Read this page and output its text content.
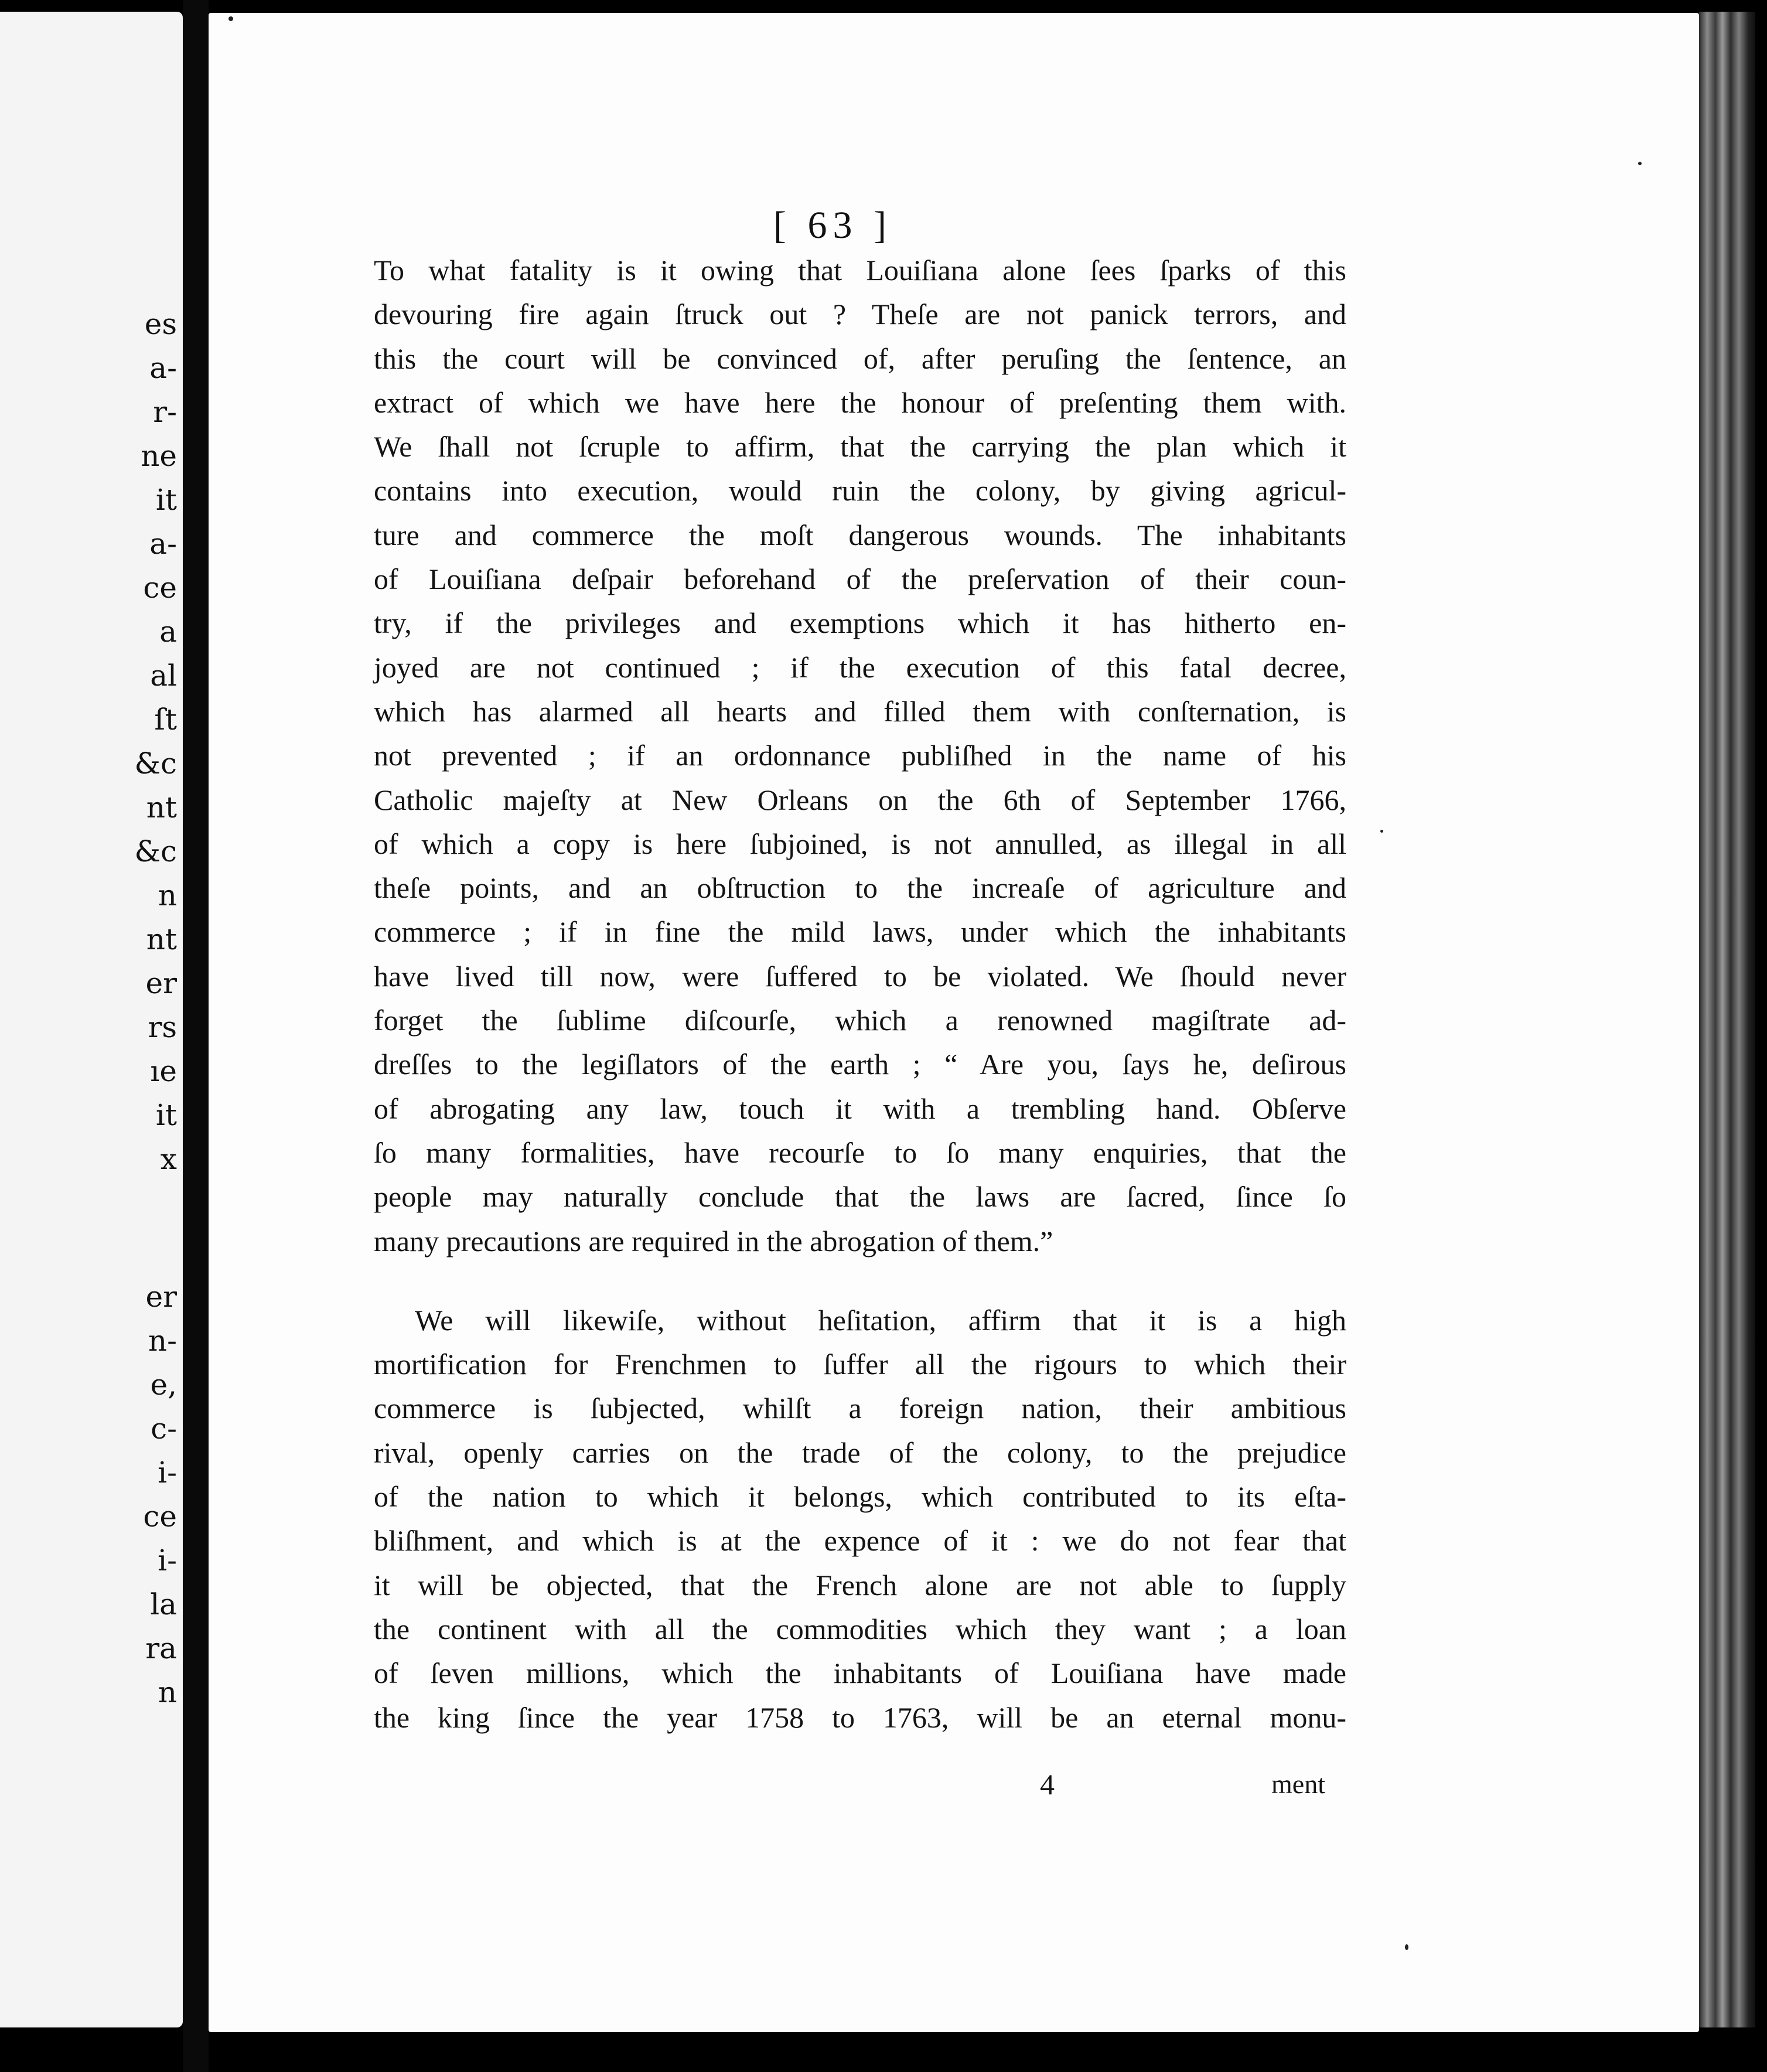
es
a-
r-
ne
it
a-
ce
a
al
ſt
&c
nt
&c
n
nt
er
rs
ıe
it
x
er
n-
e,
c-
i-
ce
i-
la
ra
n
[ 63 ]
To what fatality is it owing that Louiſiana alone ſees ſparks of this
devouring fire again ſtruck out ? Theſe are not panick terrors, and
this the court will be convinced of, after peruſing the ſentence, an
extract of which we have here the honour of preſenting them with.
We ſhall not ſcruple to affirm, that the carrying the plan which it
contains into execution, would ruin the colony, by giving agricul-
ture and commerce the moſt dangerous wounds. The inhabitants
of Louiſiana deſpair beforehand of the preſervation of their coun-
try, if the privileges and exemptions which it has hitherto en-
joyed are not continued ; if the execution of this fatal decree,
which has alarmed all hearts and filled them with conſternation, is
not prevented ; if an ordonnance publiſhed in the name of his
Catholic majeſty at New Orleans on the 6th of September 1766,
of which a copy is here ſubjoined, is not annulled, as illegal in all
theſe points, and an obſtruction to the increaſe of agriculture and
commerce ; if in fine the mild laws, under which the inhabitants
have lived till now, were ſuffered to be violated. We ſhould never
forget the ſublime diſcourſe, which a renowned magiſtrate ad-
dreſſes to the legiſlators of the earth ; “ Are you, ſays he, deſirous
of abrogating any law, touch it with a trembling hand. Obſerve
ſo many formalities, have recourſe to ſo many enquiries, that the
people may naturally conclude that the laws are ſacred, ſince ſo
many precautions are required in the abrogation of them.”
We will likewiſe, without heſitation, affirm that it is a high
mortification for Frenchmen to ſuffer all the rigours to which their
commerce is ſubjected, whilſt a foreign nation, their ambitious
rival, openly carries on the trade of the colony, to the prejudice
of the nation to which it belongs, which contributed to its eſta-
bliſhment, and which is at the expence of it : we do not fear that
it will be objected, that the French alone are not able to ſupply
the continent with all the commodities which they want ; a loan
of ſeven millions, which the inhabitants of Louiſiana have made
the king ſince the year 1758 to 1763, will be an eternal monu-
4	ment
